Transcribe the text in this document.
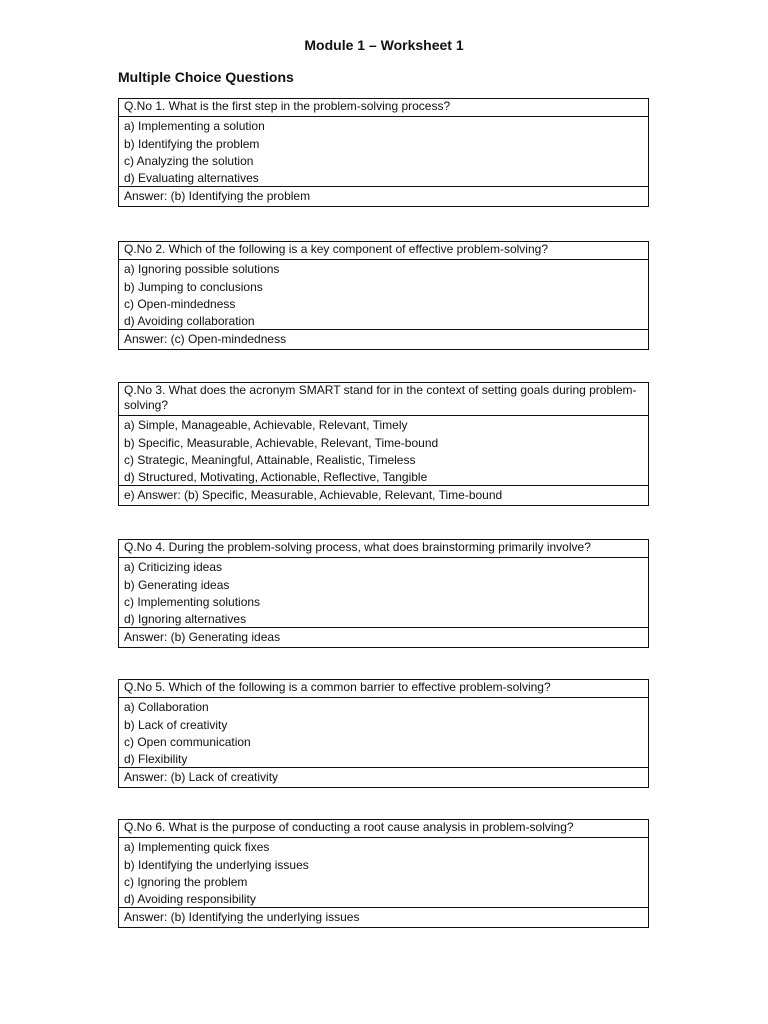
Module 1 – Worksheet 1
Multiple Choice Questions
Q.No 1. What is the first step in the problem-solving process?
a) Implementing a solution
b) Identifying the problem
c) Analyzing the solution
d) Evaluating alternatives
Answer: (b) Identifying the problem
Q.No 2. Which of the following is a key component of effective problem-solving?
a) Ignoring possible solutions
b) Jumping to conclusions
c) Open-mindedness
d) Avoiding collaboration
Answer: (c) Open-mindedness
Q.No 3. What does the acronym SMART stand for in the context of setting goals during problem-solving?
a) Simple, Manageable, Achievable, Relevant, Timely
b) Specific, Measurable, Achievable, Relevant, Time-bound
c) Strategic, Meaningful, Attainable, Realistic, Timeless
d) Structured, Motivating, Actionable, Reflective, Tangible
e) Answer: (b) Specific, Measurable, Achievable, Relevant, Time-bound
Q.No 4. During the problem-solving process, what does brainstorming primarily involve?
a) Criticizing ideas
b) Generating ideas
c) Implementing solutions
d) Ignoring alternatives
Answer: (b) Generating ideas
Q.No 5. Which of the following is a common barrier to effective problem-solving?
a) Collaboration
b) Lack of creativity
c) Open communication
d) Flexibility
Answer: (b) Lack of creativity
Q.No 6. What is the purpose of conducting a root cause analysis in problem-solving?
a) Implementing quick fixes
b) Identifying the underlying issues
c) Ignoring the problem
d) Avoiding responsibility
Answer: (b) Identifying the underlying issues
